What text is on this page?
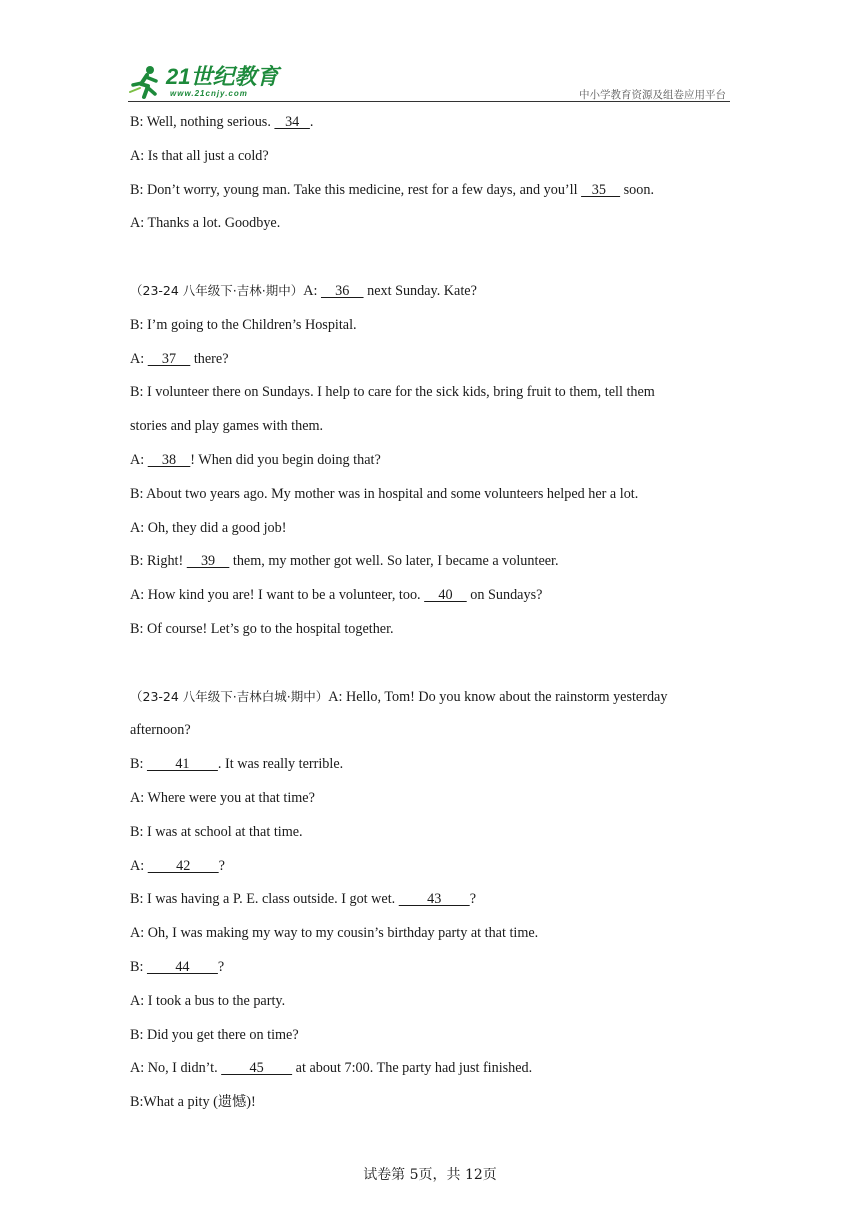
21世纪教育
www.21cnjy.com	中小学教育资源及组卷应用平台
B: Well, nothing serious.    34   .
A: Is that all just a cold?
B: Don’t worry, young man. Take this medicine, rest for a few days, and you’ll    35     soon.
A: Thanks a lot. Goodbye.
（23-24 八年级下·吉林·期中）A:     36     next Sunday. Kate?
B: I’m going to the Children’s Hospital.
A:     37     there?
B: I volunteer there on Sundays. I help to care for the sick kids, bring fruit to them, tell them
stories and play games with them.
A:     38    ! When did you begin doing that?
B: About two years ago. My mother was in hospital and some volunteers helped her a lot.
A: Oh, they did a good job!
B: Right!     39     them, my mother got well. So later, I became a volunteer.
A: How kind you are! I want to be a volunteer, too.     40     on Sundays?
B: Of course! Let’s go to the hospital together.
（23-24 八年级下·吉林白城·期中）A: Hello, Tom! Do you know about the rainstorm yesterday
afternoon?
B:         41        . It was really terrible.
A: Where were you at that time?
B: I was at school at that time.
A:         42        ?
B: I was having a P. E. class outside. I got wet.         43        ?
A: Oh, I was making my way to my cousin’s birthday party at that time.
B:         44        ?
A: I took a bus to the party.
B: Did you get there on time?
A: No, I didn’t.         45         at about 7:00. The party had just finished.
B:What a pity (遗憾)!
试卷第 5页，共 12页
